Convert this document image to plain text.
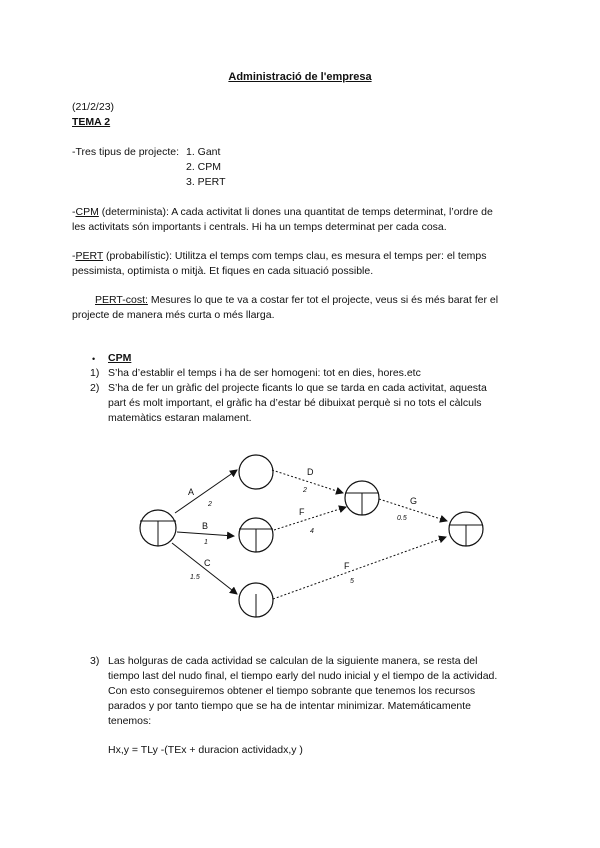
Administració de l'empresa
(21/2/23)
TEMA 2
-Tres tipus de projecte: 1. Gant
2. CPM
3. PERT
-CPM (determinista): A cada activitat li dones una quantitat de temps determinat, l’ordre de
les activitats són importants i centrals. Hi ha un temps determinat per cada cosa.
-PERT (probabilístic): Utilitza el temps com temps clau, es mesura el temps per: el temps
pessimista, optimista o mitjà. Et fiques en cada situació possible.
PERT-cost: Mesures lo que te va a costar fer tot el projecte, veus si és més barat fer el
projecte de manera més curta o més llarga.
• CPM
1) S’ha d’establir el temps i ha de ser homogeni: tot en dies, hores.etc
2) S’ha de fer un gràfic del projecte ficants lo que se tarda en cada activitat, aquesta
part és molt important, el gràfic ha d’estar bé dibuixat perquè si no tots el càlculs
matemàtics estaran malament.
A
2
B
1
C
1.5
D
2
F
4
F
5
G
0.5
3) Las holguras de cada actividad se calculan de la siguiente manera, se resta del
tiempo last del nudo final, el tiempo early del nudo inicial y el tiempo de la actividad.
Con esto conseguiremos obtener el tiempo sobrante que tenemos los recursos
parados y por tanto tiempo que se ha de intentar minimizar. Matemáticamente
tenemos:
Hx,y = TLy -(TEx + duracion actividadx,y )
